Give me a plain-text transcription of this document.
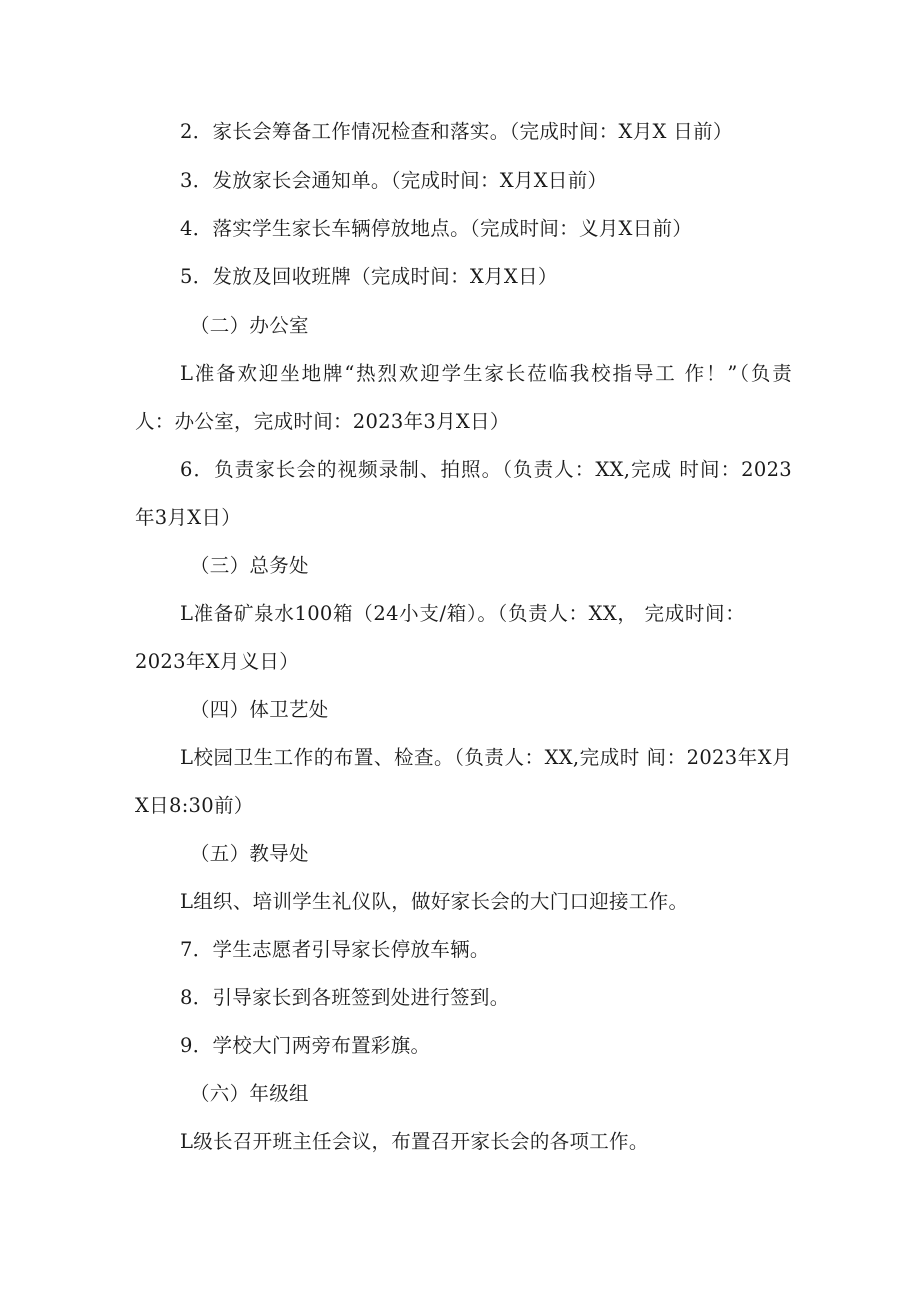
2．家长会筹备工作情况检查和落实。（完成时间：X月X 日前）
3．发放家长会通知单。（完成时间：X月X日前）
4．落实学生家长车辆停放地点。（完成时间：义月X日前）
5．发放及回收班牌（完成时间：X月X日）
（二）办公室
L准备欢迎坐地牌“热烈欢迎学生家长莅临我校指导工 作！”（负责
人：办公室，完成时间：2023年3月X日）
6．负责家长会的视频录制、拍照。（负责人：XX,完成 时间：2023
年3月X日）
（三）总务处
L准备矿泉水100箱（24小支/箱）。（负责人：XX， 完成时间：
2023年X月义日）
（四）体卫艺处
L校园卫生工作的布置、检查。（负责人：XX,完成时 间：2023年X月
X日8:30前）
（五）教导处
L组织、培训学生礼仪队，做好家长会的大门口迎接工作。
7．学生志愿者引导家长停放车辆。
8．引导家长到各班签到处进行签到。
9．学校大门两旁布置彩旗。
（六）年级组
L级长召开班主任会议，布置召开家长会的各项工作。
